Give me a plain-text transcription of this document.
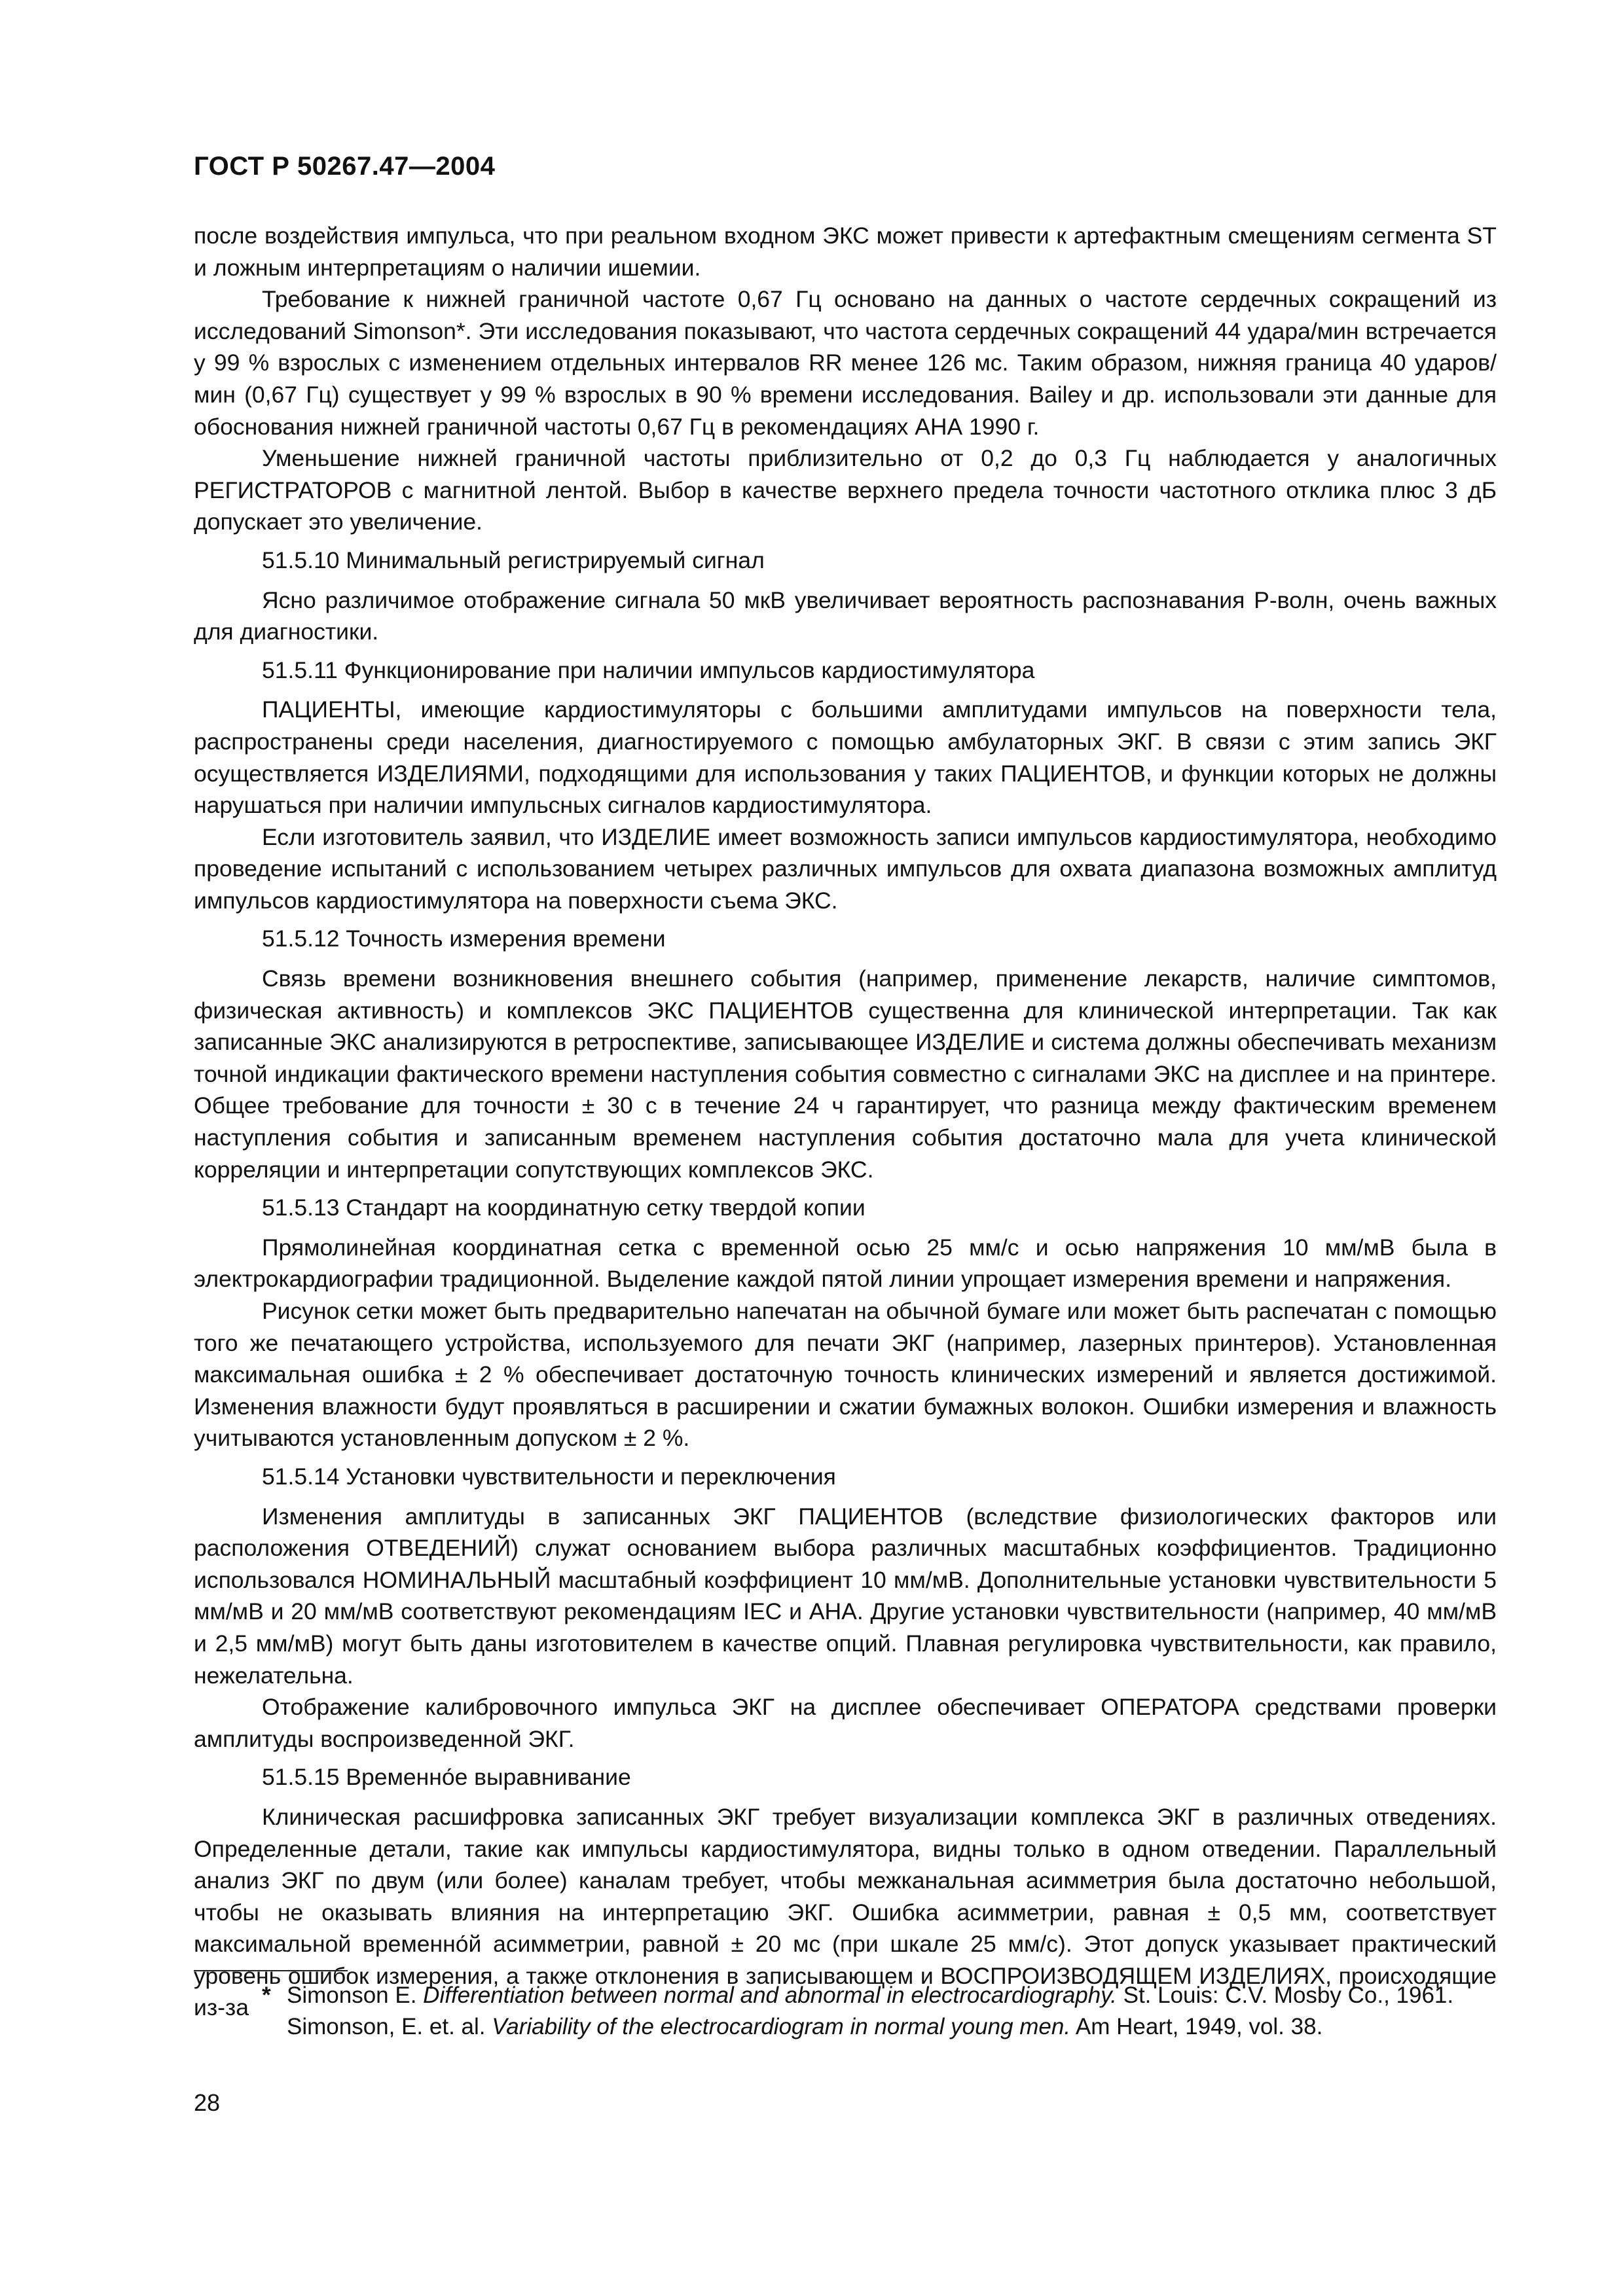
ГОСТ Р 50267.47—2004

после воздействия импульса, что при реальном входном ЭКС может привести к артефактным смещениям сегмента ST и ложным интерпретациям о наличии ишемии.

Требование к нижней граничной частоте 0,67 Гц основано на данных о частоте сердечных сокращений из исследований Simonson*. Эти исследования показывают, что частота сердечных сокращений 44 удара/мин встречается у 99 % взрослых с изменением отдельных интервалов RR менее 126 мс. Таким образом, нижняя граница 40 ударов/мин (0,67 Гц) существует у 99 % взрослых в 90 % времени исследования. Bailey и др. использовали эти данные для обоснования нижней граничной частоты 0,67 Гц в рекомендациях АНА 1990 г.

Уменьшение нижней граничной частоты приблизительно от 0,2 до 0,3 Гц наблюдается у аналогичных РЕГИСТРАТОРОВ с магнитной лентой. Выбор в качестве верхнего предела точности частотного отклика плюс 3 дБ допускает это увеличение.

51.5.10 Минимальный регистрируемый сигнал

Ясно различимое отображение сигнала 50 мкВ увеличивает вероятность распознавания P-волн, очень важных для диагностики.

51.5.11 Функционирование при наличии импульсов кардиостимулятора

ПАЦИЕНТЫ, имеющие кардиостимуляторы с большими амплитудами импульсов на поверхности тела, распространены среди населения, диагностируемого с помощью амбулаторных ЭКГ. В связи с этим запись ЭКГ осуществляется ИЗДЕЛИЯМИ, подходящими для использования у таких ПАЦИЕНТОВ, и функции которых не должны нарушаться при наличии импульсных сигналов кардиостимулятора.

Если изготовитель заявил, что ИЗДЕЛИЕ имеет возможность записи импульсов кардиостимулятора, необходимо проведение испытаний с использованием четырех различных импульсов для охвата диапазона возможных амплитуд импульсов кардиостимулятора на поверхности съема ЭКС.

51.5.12 Точность измерения времени

Связь времени возникновения внешнего события (например, применение лекарств, наличие симптомов, физическая активность) и комплексов ЭКС ПАЦИЕНТОВ существенна для клинической интерпретации. Так как записанные ЭКС анализируются в ретроспективе, записывающее ИЗДЕЛИЕ и система должны обеспечивать механизм точной индикации фактического времени наступления события совместно с сигналами ЭКС на дисплее и на принтере. Общее требование для точности ± 30 с в течение 24 ч гарантирует, что разница между фактическим временем наступления события и записанным временем наступления события достаточно мала для учета клинической корреляции и интерпретации сопутствующих комплексов ЭКС.

51.5.13 Стандарт на координатную сетку твердой копии

Прямолинейная координатная сетка с временной осью 25 мм/с и осью напряжения 10 мм/мВ была в электрокардиографии традиционной. Выделение каждой пятой линии упрощает измерения времени и напряжения.

Рисунок сетки может быть предварительно напечатан на обычной бумаге или может быть распечатан с помощью того же печатающего устройства, используемого для печати ЭКГ (например, лазерных принтеров). Установленная максимальная ошибка ± 2 % обеспечивает достаточную точность клинических измерений и является достижимой. Изменения влажности будут проявляться в расширении и сжатии бумажных волокон. Ошибки измерения и влажность учитываются установленным допуском ± 2 %.

51.5.14 Установки чувствительности и переключения

Изменения амплитуды в записанных ЭКГ ПАЦИЕНТОВ (вследствие физиологических факторов или расположения ОТВЕДЕНИЙ) служат основанием выбора различных масштабных коэффициентов. Традиционно использовался НОМИНАЛЬНЫЙ масштабный коэффициент 10 мм/мВ. Дополнительные установки чувствительности 5 мм/мВ и 20 мм/мВ соответствуют рекомендациям IEC и АНА. Другие установки чувствительности (например, 40 мм/мВ и 2,5 мм/мВ) могут быть даны изготовителем в качестве опций. Плавная регулировка чувствительности, как правило, нежелательна.

Отображение калибровочного импульса ЭКГ на дисплее обеспечивает ОПЕРАТОРА средствами проверки амплитуды воспроизведенной ЭКГ.

51.5.15 Временно́е выравнивание

Клиническая расшифровка записанных ЭКГ требует визуализации комплекса ЭКГ в различных отведениях. Определенные детали, такие как импульсы кардиостимулятора, видны только в одном отведении. Параллельный анализ ЭКГ по двум (или более) каналам требует, чтобы межканальная асимметрия была достаточно небольшой, чтобы не оказывать влияния на интерпретацию ЭКГ. Ошибка асимметрии, равная ± 0,5 мм, соответствует максимальной временно́й асимметрии, равной ± 20 мс (при шкале 25 мм/с). Этот допуск указывает практический уровень ошибок измерения, а также отклонения в записывающем и ВОСПРОИЗВОДЯЩЕМ ИЗДЕЛИЯХ, происходящие из-за * Simonson E. Differentiation between normal and abnormal in electrocardiography. St. Louis: C.V. Mosby Co., 1961.
Simonson, E. et. al. Variability of the electrocardiogram in normal young men. Am Heart, 1949, vol. 38.
28
